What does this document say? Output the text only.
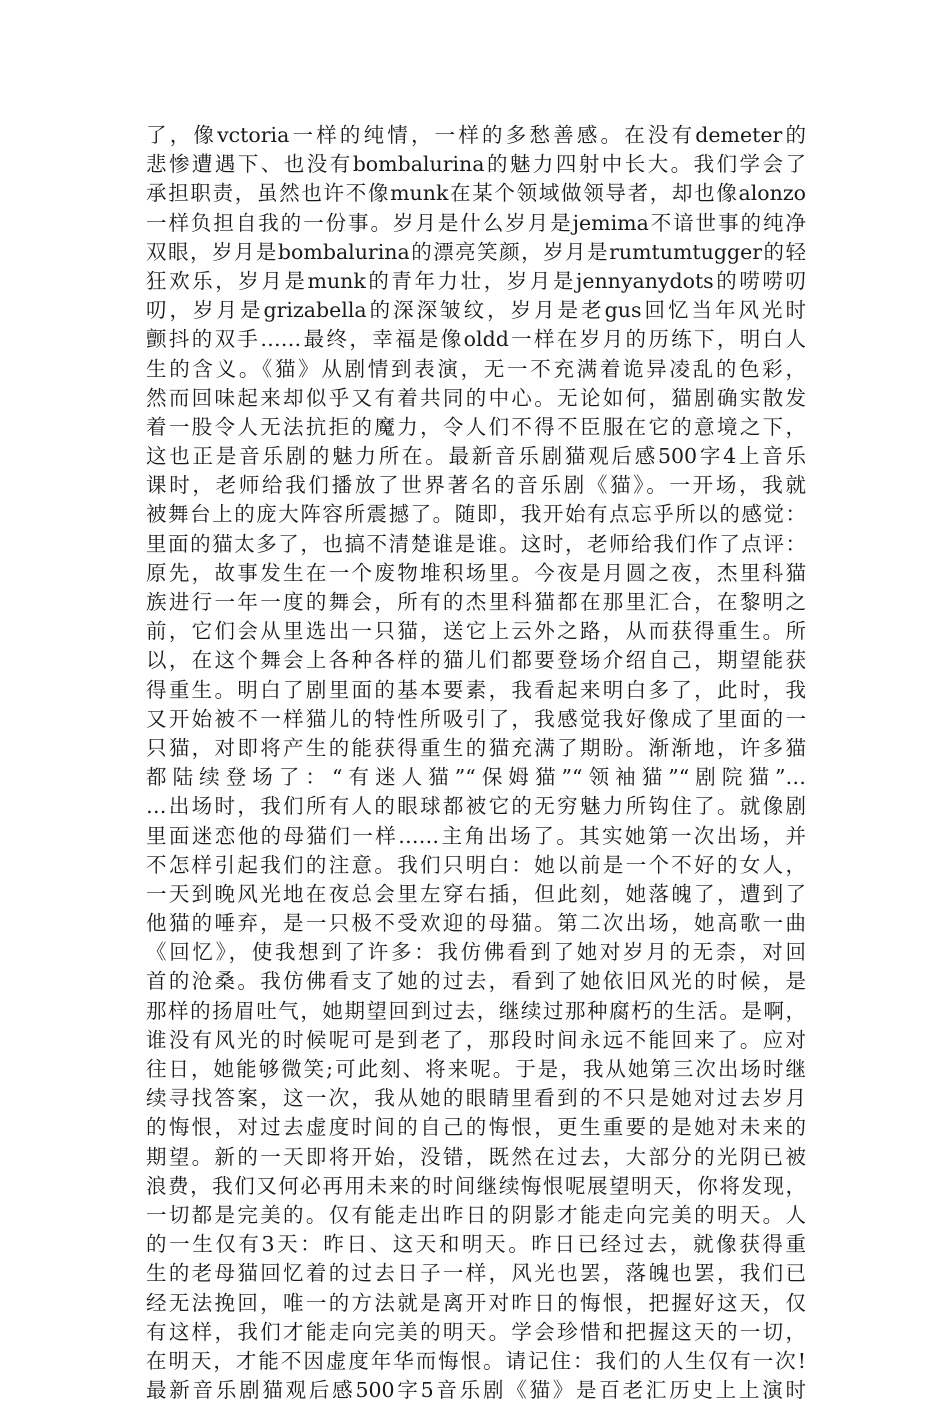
了，像vctoria一样的纯情，一样的多愁善感。在没有demeter的
悲惨遭遇下、也没有bombalurina的魅力四射中长大。我们学会了
承担职责，虽然也许不像munk在某个领域做领导者，却也像alonzo
一样负担自我的一份事。岁月是什么岁月是jemima不谙世事的纯净
双眼，岁月是bombalurina的漂亮笑颜，岁月是rumtumtugger的轻
狂欢乐，岁月是munk的青年力壮，岁月是jennyanydots的唠唠叨
叨，岁月是grizabella的深深皱纹，岁月是老gus回忆当年风光时
颤抖的双手……最终，幸福是像oldd一样在岁月的历练下，明白人
生的含义。《猫》从剧情到表演，无一不充满着诡异凌乱的色彩，
然而回味起来却似乎又有着共同的中心。无论如何，猫剧确实散发
着一股令人无法抗拒的魔力，令人们不得不臣服在它的意境之下，
这也正是音乐剧的魅力所在。最新音乐剧猫观后感500字4上音乐
课时，老师给我们播放了世界著名的音乐剧《猫》。一开场，我就
被舞台上的庞大阵容所震撼了。随即，我开始有点忘乎所以的感觉：
里面的猫太多了，也搞不清楚谁是谁。这时，老师给我们作了点评：
原先，故事发生在一个废物堆积场里。今夜是月圆之夜，杰里科猫
族进行一年一度的舞会，所有的杰里科猫都在那里汇合，在黎明之
前，它们会从里选出一只猫，送它上云外之路，从而获得重生。所
以，在这个舞会上各种各样的猫儿们都要登场介绍自己，期望能获
得重生。明白了剧里面的基本要素，我看起来明白多了，此时，我
又开始被不一样猫儿的特性所吸引了，我感觉我好像成了里面的一
只猫，对即将产生的能获得重生的猫充满了期盼。渐渐地，许多猫
都陆续登场了：“有迷人猫”“保姆猫”“领袖猫”“剧院猫”…
…出场时，我们所有人的眼球都被它的无穷魅力所钩住了。就像剧
里面迷恋他的母猫们一样……主角出场了。其实她第一次出场，并
不怎样引起我们的注意。我们只明白：她以前是一个不好的女人，
一天到晚风光地在夜总会里左穿右插，但此刻，她落魄了，遭到了
他猫的唾弃，是一只极不受欢迎的母猫。第二次出场，她高歌一曲
《回忆》，使我想到了许多：我仿佛看到了她对岁月的无柰，对回
首的沧桑。我仿佛看支了她的过去，看到了她依旧风光的时候，是
那样的扬眉吐气，她期望回到过去，继续过那种腐朽的生活。是啊，
谁没有风光的时候呢可是到老了，那段时间永远不能回来了。应对
往日，她能够微笑;可此刻、将来呢。于是，我从她第三次出场时继
续寻找答案，这一次，我从她的眼睛里看到的不只是她对过去岁月
的悔恨，对过去虚度时间的自己的悔恨，更生重要的是她对未来的
期望。新的一天即将开始，没错，既然在过去，大部分的光阴已被
浪费，我们又何必再用未来的时间继续悔恨呢展望明天，你将发现，
一切都是完美的。仅有能走出昨日的阴影才能走向完美的明天。人
的一生仅有3天：昨日、这天和明天。昨日已经过去，就像获得重
生的老母猫回忆着的过去日子一样，风光也罢，落魄也罢，我们已
经无法挽回，唯一的方法就是离开对昨日的悔恨，把握好这天，仅
有这样，我们才能走向完美的明天。学会珍惜和把握这天的一切，
在明天，才能不因虚度年华而悔恨。请记住：我们的人生仅有一次!
最新音乐剧猫观后感500字5音乐剧《猫》是百老汇历史上上演时
